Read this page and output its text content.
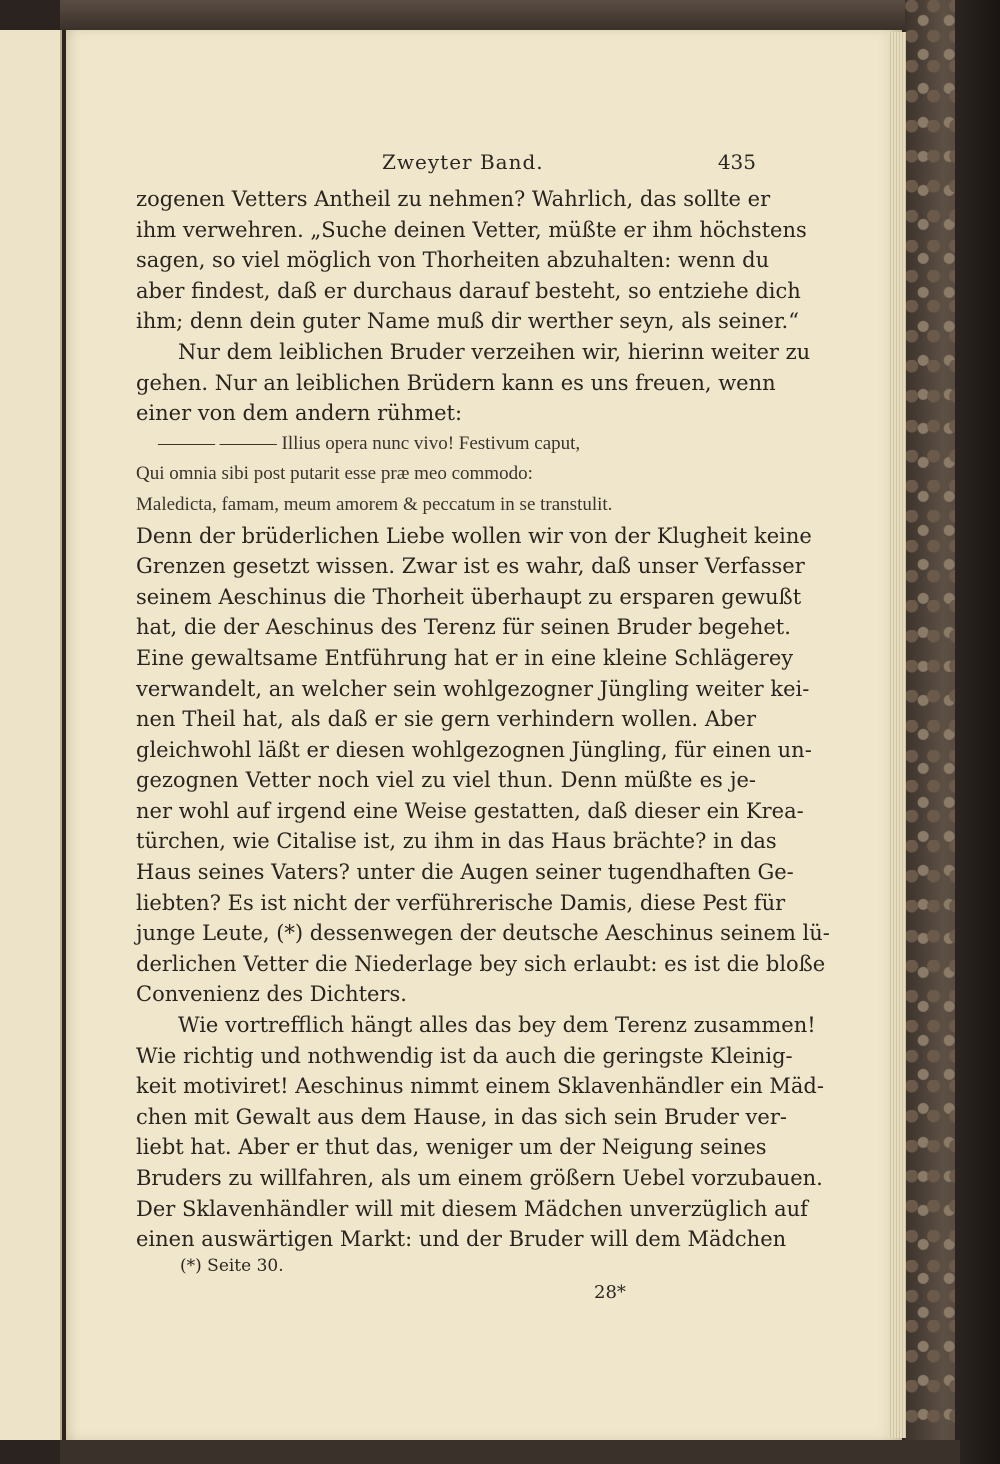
Zweyter Band.	435
zogenen Vetters Antheil zu nehmen? Wahrlich, das sollte er
ihm verwehren. „Suche deinen Vetter, müßte er ihm höchstens
sagen, so viel möglich von Thorheiten abzuhalten: wenn du
aber findest, daß er durchaus darauf besteht, so entziehe dich
ihm; denn dein guter Name muß dir werther seyn, als seiner.“
Nur dem leiblichen Bruder verzeihen wir, hierinn weiter zu
gehen. Nur an leiblichen Brüdern kann es uns freuen, wenn
einer von dem andern rühmet:
——— ——— Illius opera nunc vivo! Festivum caput,
Qui omnia sibi post putarit esse præ meo commodo:
Maledicta, famam, meum amorem & peccatum in se transtulit.
Denn der brüderlichen Liebe wollen wir von der Klugheit keine
Grenzen gesetzt wissen. Zwar ist es wahr, daß unser Verfasser
seinem Aeschinus die Thorheit überhaupt zu ersparen gewußt
hat, die der Aeschinus des Terenz für seinen Bruder begehet.
Eine gewaltsame Entführung hat er in eine kleine Schlägerey
verwandelt, an welcher sein wohlgezogner Jüngling weiter kei-
nen Theil hat, als daß er sie gern verhindern wollen. Aber
gleichwohl läßt er diesen wohlgezognen Jüngling, für einen un-
gezognen Vetter noch viel zu viel thun. Denn müßte es je-
ner wohl auf irgend eine Weise gestatten, daß dieser ein Krea-
türchen, wie Citalise ist, zu ihm in das Haus brächte? in das
Haus seines Vaters? unter die Augen seiner tugendhaften Ge-
liebten? Es ist nicht der verführerische Damis, diese Pest für
junge Leute, (*) dessenwegen der deutsche Aeschinus seinem lü-
derlichen Vetter die Niederlage bey sich erlaubt: es ist die bloße
Convenienz des Dichters.
Wie vortrefflich hängt alles das bey dem Terenz zusammen!
Wie richtig und nothwendig ist da auch die geringste Kleinig-
keit motiviret! Aeschinus nimmt einem Sklavenhändler ein Mäd-
chen mit Gewalt aus dem Hause, in das sich sein Bruder ver-
liebt hat. Aber er thut das, weniger um der Neigung seines
Bruders zu willfahren, als um einem größern Uebel vorzubauen.
Der Sklavenhändler will mit diesem Mädchen unverzüglich auf
einen auswärtigen Markt: und der Bruder will dem Mädchen
(*) Seite 30.
28*
